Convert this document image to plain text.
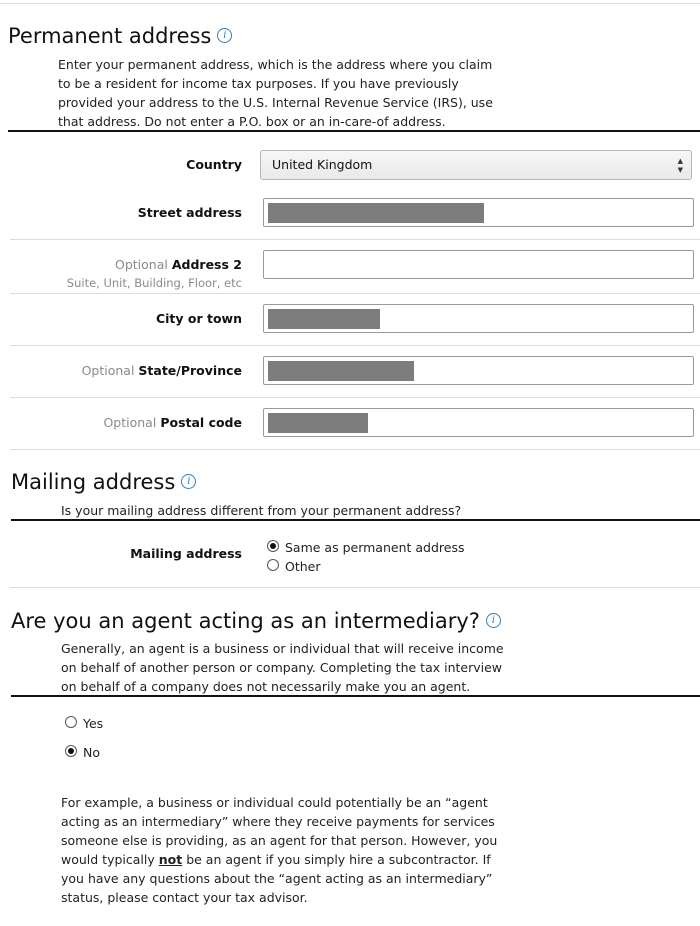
Permanent address i
Enter your permanent address, which is the address where you claim to be a resident for income tax purposes. If you have previously provided your address to the U.S. Internal Revenue Service (IRS), use that address. Do not enter a P.O. box or an in-care-of address.
Country	United Kingdom	▲
▼
Street address
Optional Address 2
Suite, Unit, Building, Floor, etc
City or town
Optional State/Province
Optional Postal code
Mailing address i
Is your mailing address different from your permanent address?
Mailing address	Same as permanent address
Other
Are you an agent acting as an intermediary? i
Generally, an agent is a business or individual that will receive income on behalf of another person or company. Completing the tax interview on behalf of a company does not necessarily make you an agent.
Yes
No
For example, a business or individual could potentially be an “agent acting as an intermediary” where they receive payments for services someone else is providing, as an agent for that person. However, you would typically not be an agent if you simply hire a subcontractor. If you have any questions about the “agent acting as an intermediary” status, please contact your tax advisor.
